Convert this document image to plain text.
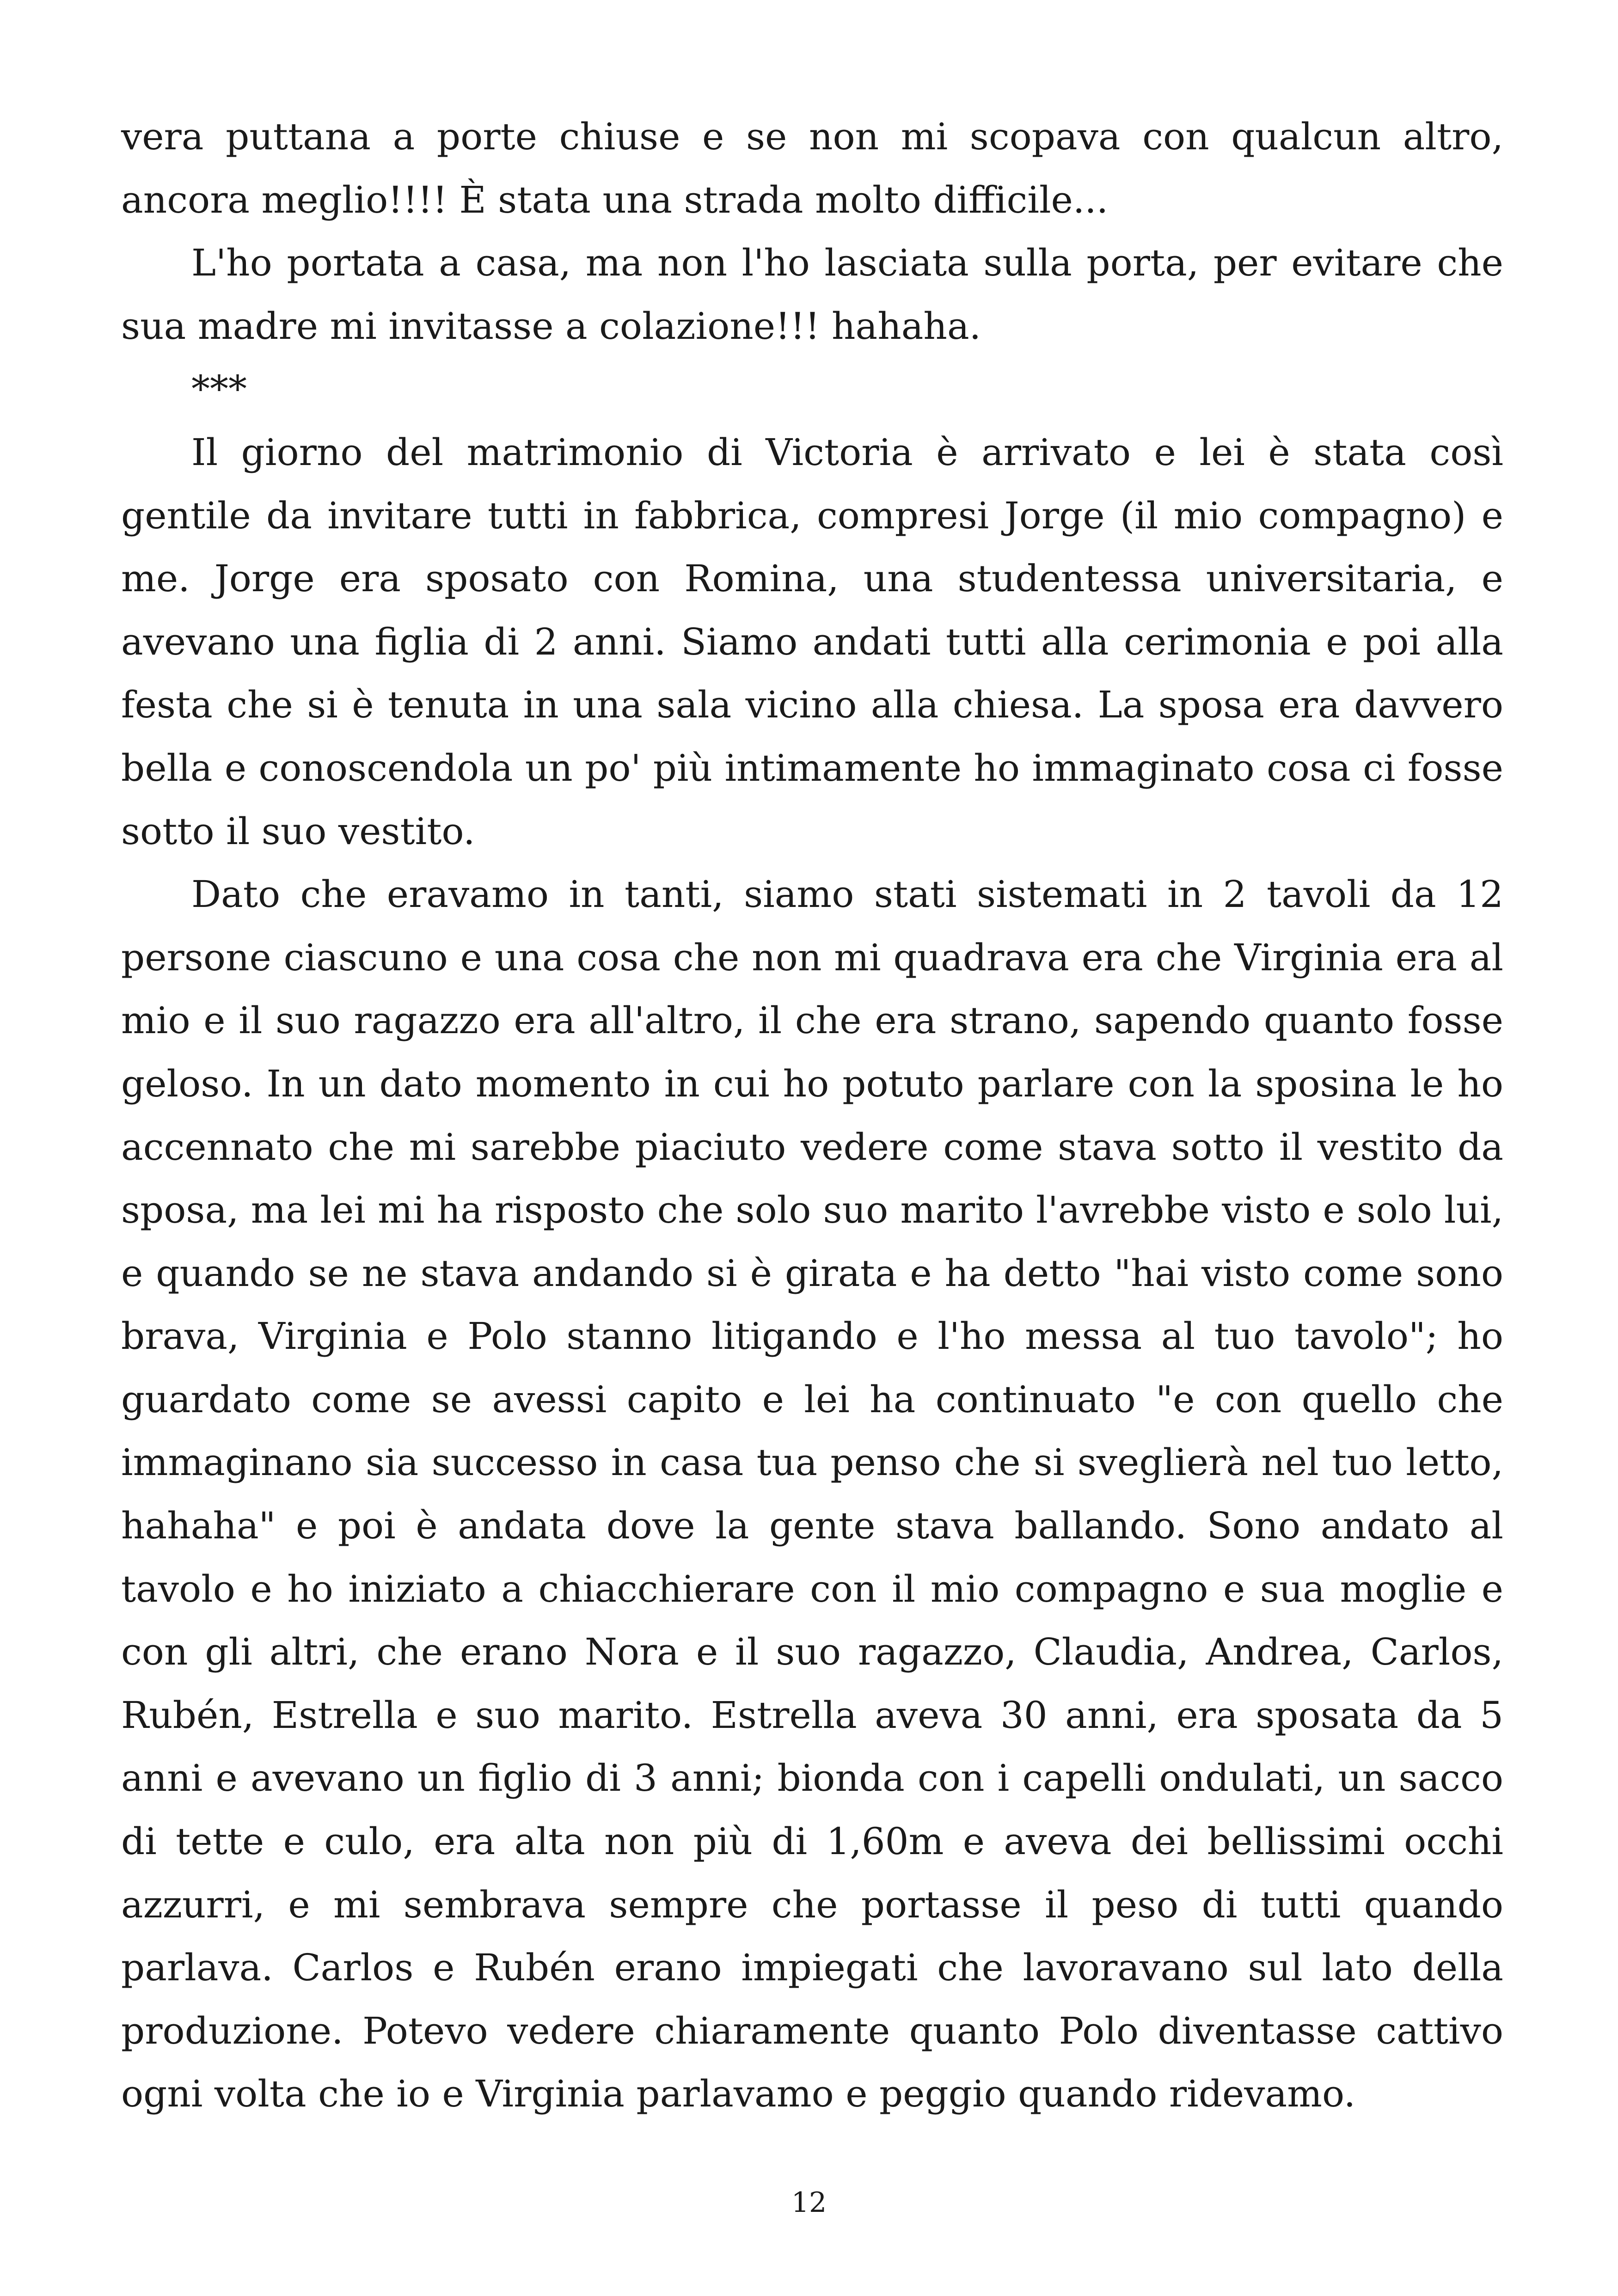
vera puttana a porte chiuse e se non mi scopava con qualcun altro, ancora meglio!!!! È stata una strada molto difficile...

L'ho portata a casa, ma non l'ho lasciata sulla porta, per evitare che sua madre mi invitasse a colazione!!! hahaha.

***

Il giorno del matrimonio di Victoria è arrivato e lei è stata così gentile da invitare tutti in fabbrica, compresi Jorge (il mio compagno) e me. Jorge era sposato con Romina, una studentessa universitaria, e avevano una figlia di 2 anni. Siamo andati tutti alla cerimonia e poi alla festa che si è tenuta in una sala vicino alla chiesa. La sposa era davvero bella e conoscendola un po' più intimamente ho immaginato cosa ci fosse sotto il suo vestito.

Dato che eravamo in tanti, siamo stati sistemati in 2 tavoli da 12 persone ciascuno e una cosa che non mi quadrava era che Virginia era al mio e il suo ragazzo era all'altro, il che era strano, sapendo quanto fosse geloso. In un dato momento in cui ho potuto parlare con la sposina le ho accennato che mi sarebbe piaciuto vedere come stava sotto il vestito da sposa, ma lei mi ha risposto che solo suo marito l'avrebbe visto e solo lui, e quando se ne stava andando si è girata e ha detto "hai visto come sono brava, Virginia e Polo stanno litigando e l'ho messa al tuo tavolo"; ho guardato come se avessi capito e lei ha continuato "e con quello che immaginano sia successo in casa tua penso che si sveglierà nel tuo letto, hahaha" e poi è andata dove la gente stava ballando. Sono andato al tavolo e ho iniziato a chiacchierare con il mio compagno e sua moglie e con gli altri, che erano Nora e il suo ragazzo, Claudia, Andrea, Carlos, Rubén, Estrella e suo marito. Estrella aveva 30 anni, era sposata da 5 anni e avevano un figlio di 3 anni; bionda con i capelli ondulati, un sacco di tette e culo, era alta non più di 1,60m e aveva dei bellissimi occhi azzurri, e mi sembrava sempre che portasse il peso di tutti quando parlava. Carlos e Rubén erano impiegati che lavoravano sul lato della produzione. Potevo vedere chiaramente quanto Polo diventasse cattivo ogni volta che io e Virginia parlavamo e peggio quando ridevamo.

12
